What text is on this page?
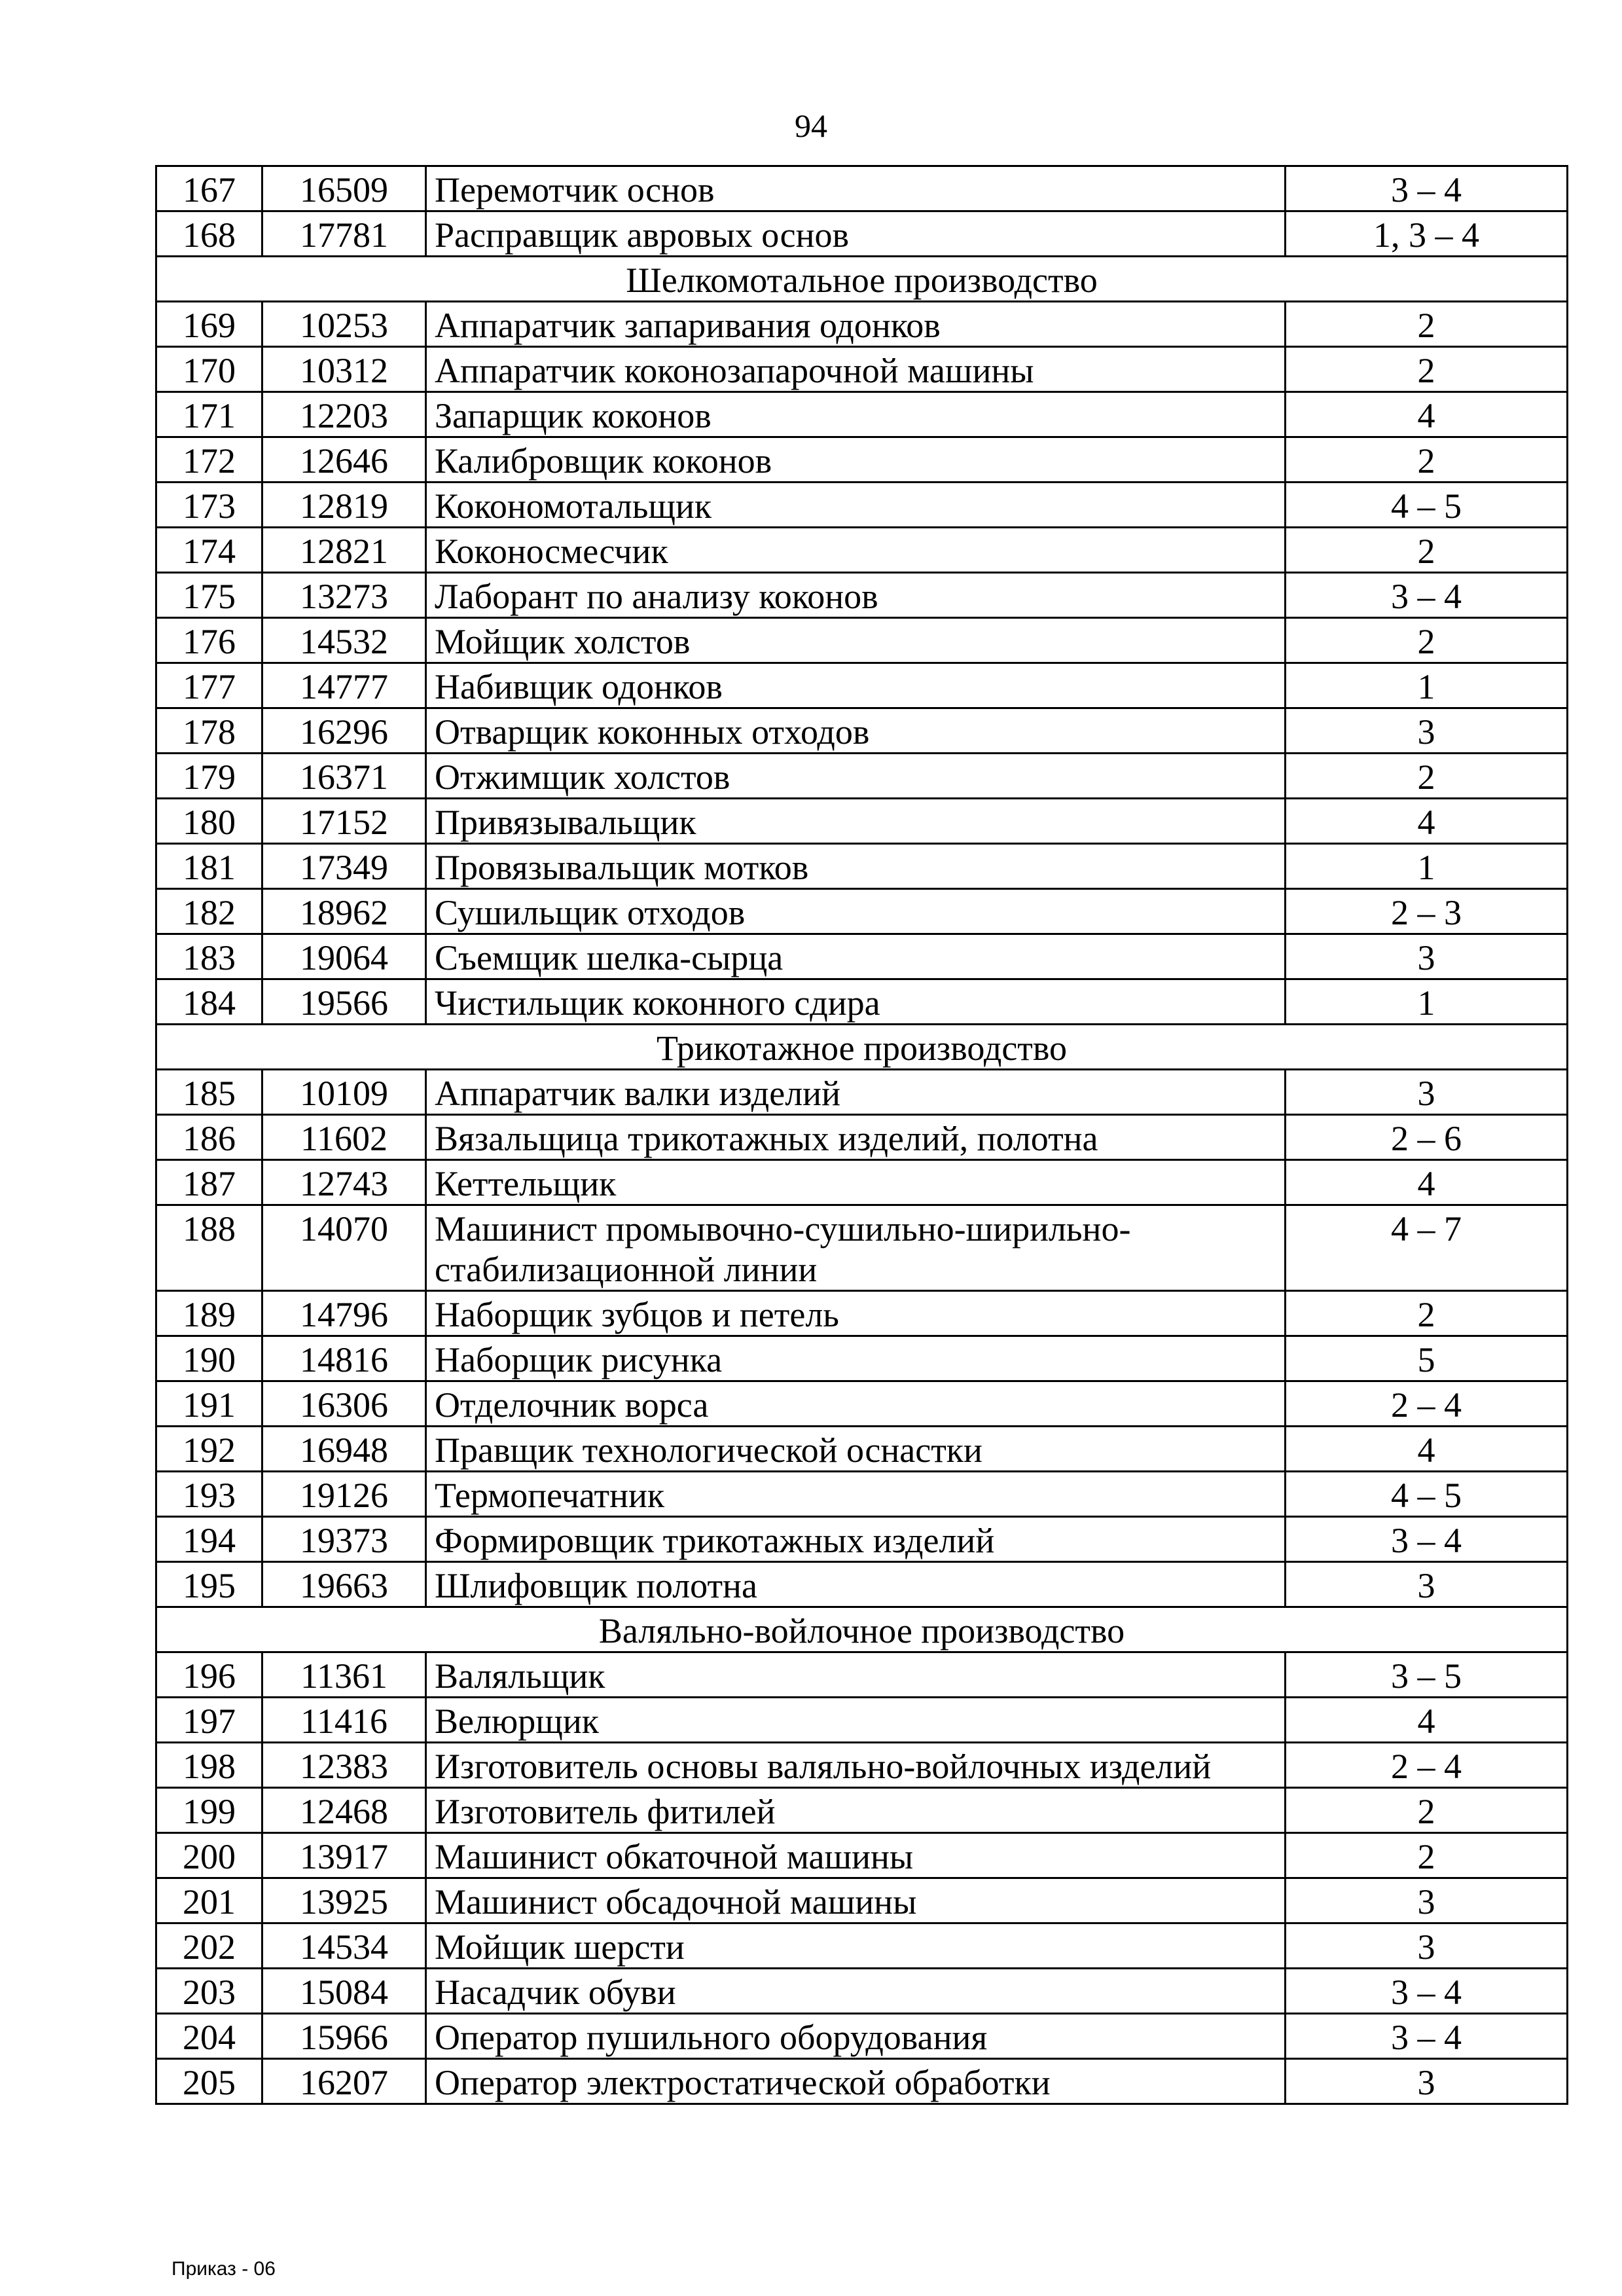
94
167	16509	Перемотчик основ	3 – 4
168	17781	Расправщик авровых основ	1, 3 – 4
Шелкомотальное производство			
169	10253	Аппаратчик запаривания одонков	2
170	10312	Аппаратчик коконозапарочной машины	2
171	12203	Запарщик коконов	4
172	12646	Калибровщик коконов	2
173	12819	Кокономотальщик	4 – 5
174	12821	Коконосмесчик	2
175	13273	Лаборант по анализу коконов	3 – 4
176	14532	Мойщик холстов	2
177	14777	Набивщик одонков	1
178	16296	Отварщик коконных отходов	3
179	16371	Отжимщик холстов	2
180	17152	Привязывальщик	4
181	17349	Провязывальщик мотков	1
182	18962	Сушильщик отходов	2 – 3
183	19064	Съемщик шелка-сырца	3
184	19566	Чистильщик коконного сдира	1
Трикотажное производство			
185	10109	Аппаратчик валки изделий	3
186	11602	Вязальщица трикотажных изделий, полотна	2 – 6
187	12743	Кеттельщик	4
188	14070	Машинист промывочно-сушильно-ширильно-стабилизационной линии	4 – 7
189	14796	Наборщик зубцов и петель	2
190	14816	Наборщик рисунка	5
191	16306	Отделочник ворса	2 – 4
192	16948	Правщик технологической оснастки	4
193	19126	Термопечатник	4 – 5
194	19373	Формировщик трикотажных изделий	3 – 4
195	19663	Шлифовщик полотна	3
Валяльно-войлочное производство			
196	11361	Валяльщик	3 – 5
197	11416	Велюрщик	4
198	12383	Изготовитель основы валяльно-войлочных изделий	2 – 4
199	12468	Изготовитель фитилей	2
200	13917	Машинист обкаточной машины	2
201	13925	Машинист обсадочной машины	3
202	14534	Мойщик шерсти	3
203	15084	Насадчик обуви	3 – 4
204	15966	Оператор пушильного оборудования	3 – 4
205	16207	Оператор электростатической обработки	3
Приказ - 06
